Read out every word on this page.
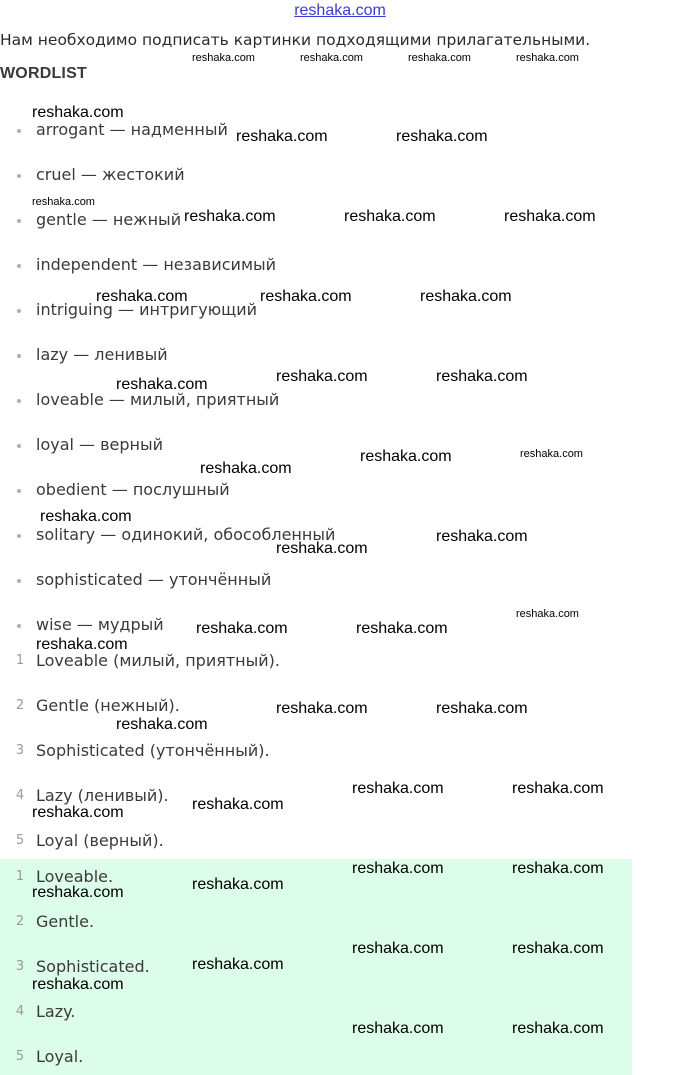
reshaka.com
Нам необходимо подписать картинки подходящими прилагательными.
WORDLIST
arrogant — надменный
cruel — жестокий
gentle — нежный
independent — независимый
intriguing — интригующий
lazy — ленивый
loveable — милый, приятный
loyal — верный
obedient — послушный
solitary — одинокий, обособленный
sophisticated — утончённый
wise — мудрый
1 Loveable (милый, приятный).
2 Gentle (нежный).
3 Sophisticated (утончённый).
4 Lazy (ленивый).
5 Loyal (верный).
1 Loveable.
2 Gentle.
3 Sophisticated.
4 Lazy.
5 Loyal.
reshaka.com	reshaka.com	reshaka.com	reshaka.com
reshaka.com
reshaka.com	reshaka.com
reshaka.com
reshaka.com	reshaka.com	reshaka.com
reshaka.com	reshaka.com	reshaka.com
reshaka.com	reshaka.com	reshaka.com
reshaka.com
reshaka.com	reshaka.com
reshaka.com
reshaka.com
reshaka.com
reshaka.com
reshaka.com	reshaka.com
reshaka.com
reshaka.com	reshaka.com
reshaka.com
reshaka.com	reshaka.com
reshaka.com
reshaka.com
reshaka.com	reshaka.com
reshaka.com
reshaka.com
reshaka.com	reshaka.com
reshaka.com
reshaka.com
reshaka.com	reshaka.com
